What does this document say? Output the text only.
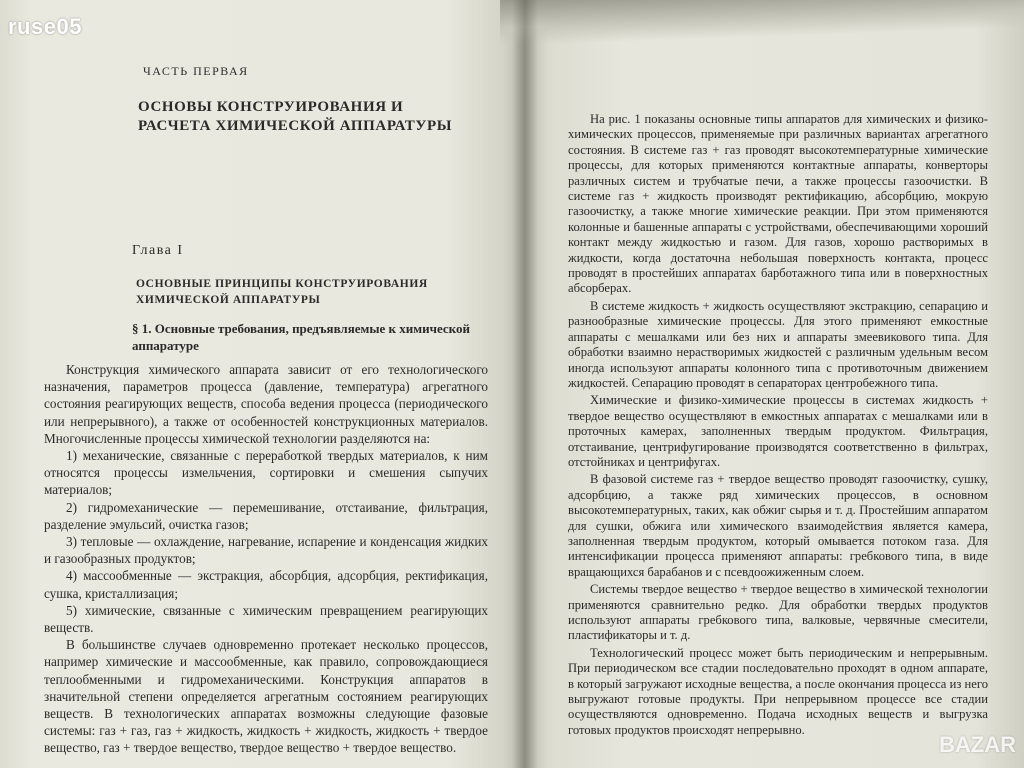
ЧАСТЬ ПЕРВАЯ
ОСНОВЫ КОНСТРУИРОВАНИЯ И РАСЧЕТА ХИМИЧЕСКОЙ АППАРАТУРЫ
Глава I
ОСНОВНЫЕ ПРИНЦИПЫ КОНСТРУИРОВАНИЯ ХИМИЧЕСКОЙ АППАРАТУРЫ
§ 1. Основные требования, предъявляемые к химической аппаратуре

Конструкция химического аппарата зависит от его технологического назначения, параметров процесса (давление, температура) агрегатного состояния реагирующих веществ, способа ведения процесса (периодического или непрерывного), а также от особенностей конструкционных материалов. Многочисленные процессы химической технологии разделяются на:

1) механические, связанные с переработкой твердых материалов, к ним относятся процессы измельчения, сортировки и смешения сыпучих материалов;

2) гидромеханические — перемешивание, отстаивание, фильтрация, разделение эмульсий, очистка газов;

3) тепловые — охлаждение, нагревание, испарение и конденсация жидких и газообразных продуктов;

4) массообменные — экстракция, абсорбция, адсорбция, ректификация, сушка, кристаллизация;

5) химические, связанные с химическим превращением реагирующих веществ.

В большинстве случаев одновременно протекает несколько процессов, например химические и массообменные, как правило, сопровождающиеся теплообменными и гидромеханическими. Конструкция аппаратов в значительной степени определяется агрегатным состоянием реагирующих веществ. В технологических аппаратах возможны следующие фазовые системы: газ + газ, газ + жидкость, жидкость + жидкость, жидкость + твердое вещество, газ + твердое вещество, твердое вещество + твердое вещество.

На рис. 1 показаны основные типы аппаратов для химических и физико-химических процессов, применяемые при различных вариантах агрегатного состояния. В системе газ + газ проводят высокотемпературные химические процессы, для которых применяются контактные аппараты, конверторы различных систем и трубчатые печи, а также процессы газоочистки. В системе газ + жидкость производят ректификацию, абсорбцию, мокрую газоочистку, а также многие химические реакции. При этом применяются колонные и башенные аппараты с устройствами, обеспечивающими хороший контакт между жидкостью и газом. Для газов, хорошо растворимых в жидкости, когда достаточна небольшая поверхность контакта, процесс проводят в простейших аппаратах барботажного типа или в поверхностных абсорберах.

В системе жидкость + жидкость осуществляют экстракцию, сепарацию и разнообразные химические процессы. Для этого применяют емкостные аппараты с мешалками или без них и аппараты змеевикового типа. Для обработки взаимно нерастворимых жидкостей с различным удельным весом иногда используют аппараты колонного типа с противоточным движением жидкостей. Сепарацию проводят в сепараторах центробежного типа.

Химические и физико-химические процессы в системах жидкость + твердое вещество осуществляют в емкостных аппаратах с мешалками или в проточных камерах, заполненных твердым продуктом. Фильтрация, отстаивание, центрифугирование производятся соответственно в фильтрах, отстойниках и центрифугах.

В фазовой системе газ + твердое вещество проводят газоочистку, сушку, адсорбцию, а также ряд химических процессов, в основном высокотемпературных, таких, как обжиг сырья и т. д. Простейшим аппаратом для сушки, обжига или химического взаимодействия является камера, заполненная твердым продуктом, который омывается потоком газа. Для интенсификации процесса применяют аппараты: гребкового типа, в виде вращающихся барабанов и с псевдоожиженным слоем.

Системы твердое вещество + твердое вещество в химической технологии применяются сравнительно редко. Для обработки твердых продуктов используют аппараты гребкового типа, валковые, червячные смесители, пластификаторы и т. д.

Технологический процесс может быть периодическим и непрерывным. При периодическом все стадии последовательно проходят в одном аппарате, в который загружают исходные вещества, а после окончания процесса из него выгружают готовые продукты. При непрерывном процессе все стадии осуществляются одновременно. Подача исходных веществ и выгрузка готовых продуктов происходят непрерывно.

ruse05
BAZAR
